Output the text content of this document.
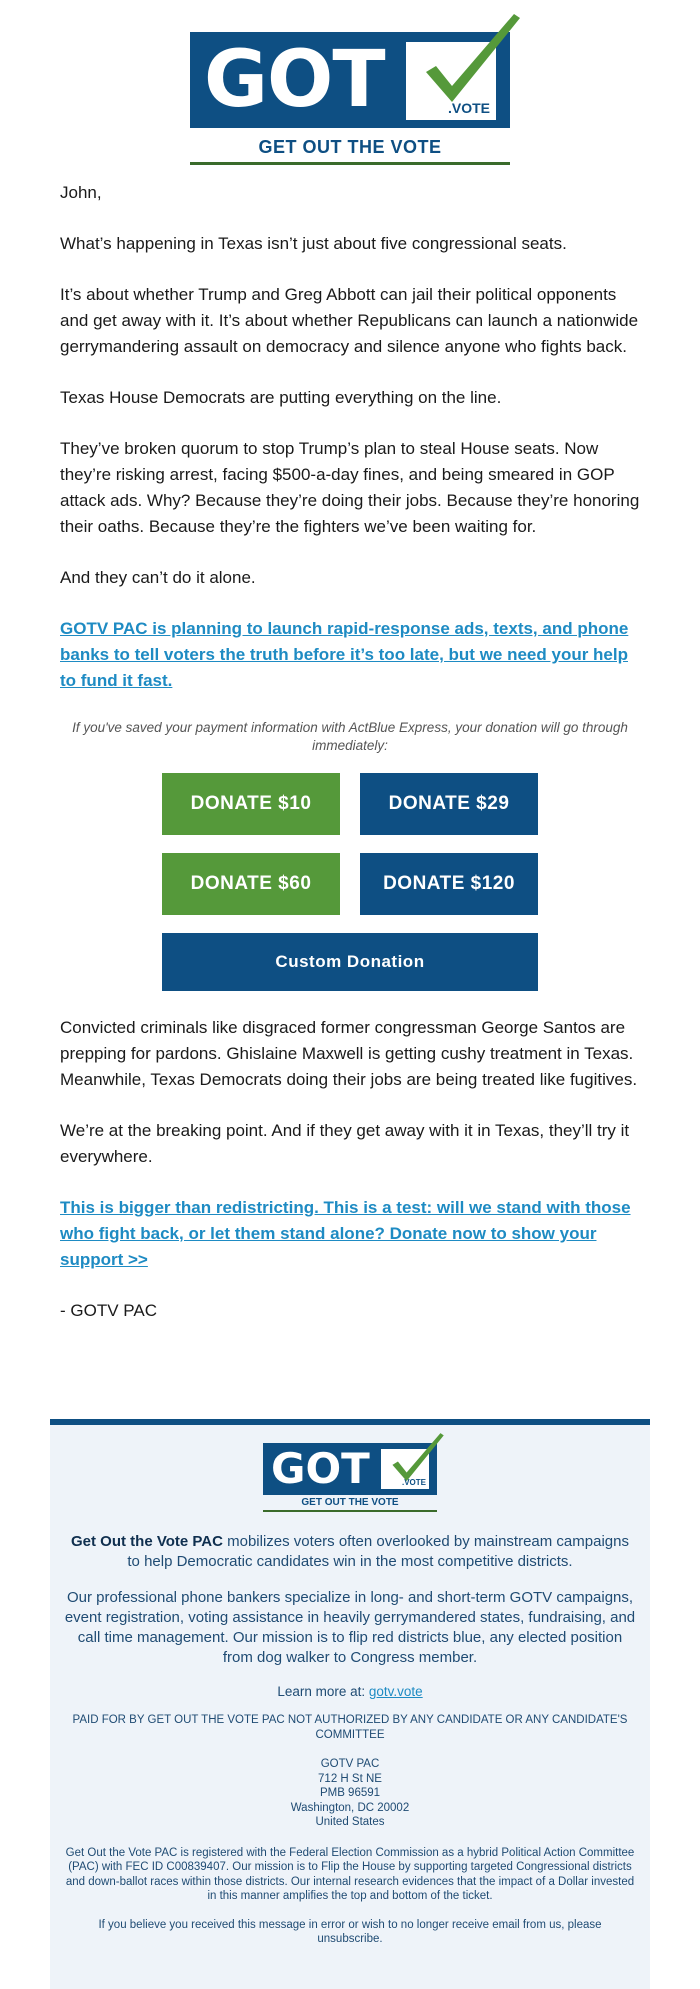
GOT	.VOTE
GET OUT THE VOTE

John,

What’s happening in Texas isn’t just about five congressional seats.

It’s about whether Trump and Greg Abbott can jail their political opponents and get away with it. It’s about whether Republicans can launch a nationwide gerrymandering assault on democracy and silence anyone who fights back.

Texas House Democrats are putting everything on the line.

They’ve broken quorum to stop Trump’s plan to steal House seats. Now they’re risking arrest, facing $500-a-day fines, and being smeared in GOP attack ads. Why? Because they’re doing their jobs. Because they’re honoring their oaths. Because they’re the fighters we’ve been waiting for.

And they can’t do it alone.

GOTV PAC is planning to launch rapid-response ads, texts, and phone banks to tell voters the truth before it’s too late, but we need your help to fund it fast.

If you've saved your payment information with ActBlue Express, your donation will go through immediately:

DONATE $10	DONATE $29
DONATE $60	DONATE $120
Custom Donation

Convicted criminals like disgraced former congressman George Santos are prepping for pardons. Ghislaine Maxwell is getting cushy treatment in Texas. Meanwhile, Texas Democrats doing their jobs are being treated like fugitives.

We’re at the breaking point. And if they get away with it in Texas, they’ll try it everywhere.

This is bigger than redistricting. This is a test: will we stand with those who fight back, or let them stand alone? Donate now to show your support >>

- GOTV PAC

GOT	.VOTE
GET OUT THE VOTE
Get Out the Vote PAC mobilizes voters often overlooked by mainstream campaigns to help Democratic candidates win in the most competitive districts.
Our professional phone bankers specialize in long- and short-term GOTV campaigns, event registration, voting assistance in heavily gerrymandered states, fundraising, and call time management. Our mission is to flip red districts blue, any elected position from dog walker to Congress member.
Learn more at: gotv.vote
PAID FOR BY GET OUT THE VOTE PAC NOT AUTHORIZED BY ANY CANDIDATE OR ANY CANDIDATE'S COMMITTEE
GOTV PAC
712 H St NE
PMB 96591
Washington, DC 20002
United States
Get Out the Vote PAC is registered with the Federal Election Commission as a hybrid Political Action Committee (PAC) with FEC ID C00839407. Our mission is to Flip the House by supporting targeted Congressional districts and down-ballot races within those districts. Our internal research evidences that the impact of a Dollar invested in this manner amplifies the top and bottom of the ticket.
If you believe you received this message in error or wish to no longer receive email from us, please unsubscribe.
